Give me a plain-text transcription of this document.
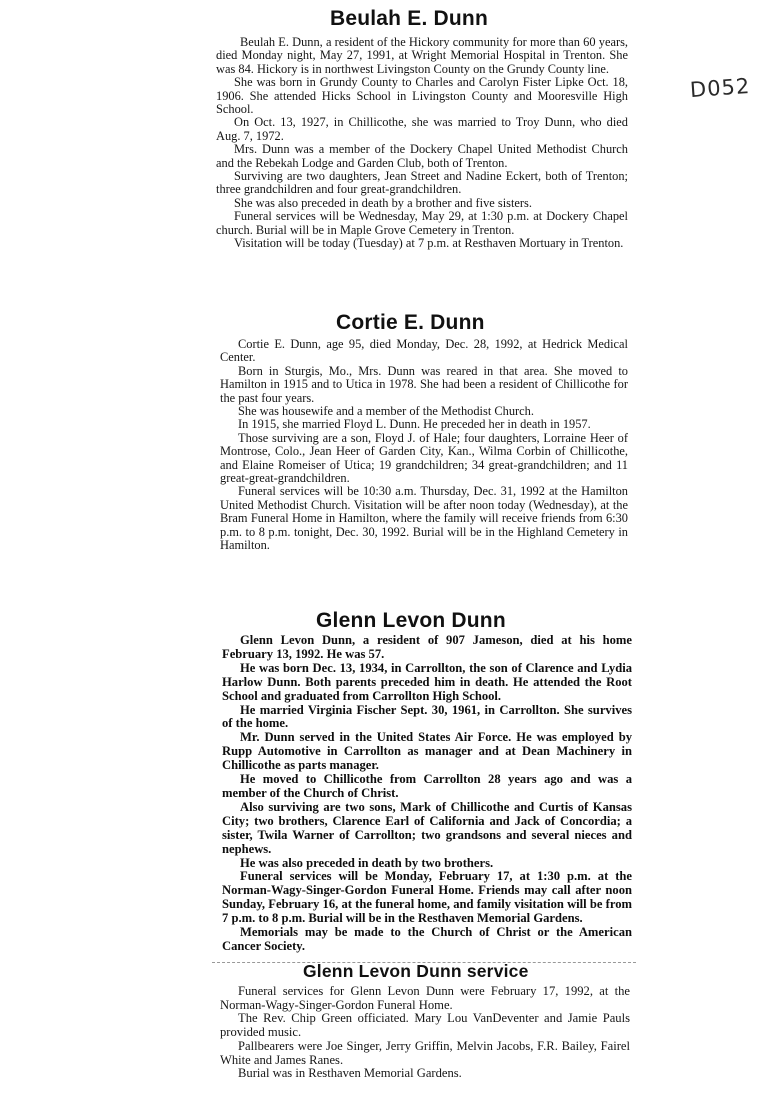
D052
Beulah E. Dunn

Beulah E. Dunn, a resident of the Hickory community for more than 60 years, died Monday night, May 27, 1991, at Wright Memorial Hospital in Trenton. She was 84. Hickory is in northwest Livingston County on the Grundy County line.

She was born in Grundy County to Charles and Carolyn Fister Lipke Oct. 18, 1906. She attended Hicks School in Livingston County and Mooresville High School.

On Oct. 13, 1927, in Chillicothe, she was married to Troy Dunn, who died Aug. 7, 1972.

Mrs. Dunn was a member of the Dockery Chapel United Methodist Church and the Rebekah Lodge and Garden Club, both of Trenton.

Surviving are two daughters, Jean Street and Nadine Eckert, both of Trenton; three grandchildren and four great-grandchildren.

She was also preceded in death by a brother and five sisters.

Funeral services will be Wednesday, May 29, at 1:30 p.m. at Dockery Chapel church. Burial will be in Maple Grove Cemetery in Trenton.

Visitation will be today (Tuesday) at 7 p.m. at Resthaven Mortuary in Trenton.

Cortie E. Dunn

Cortie E. Dunn, age 95, died Monday, Dec. 28, 1992, at Hedrick Medical Center.

Born in Sturgis, Mo., Mrs. Dunn was reared in that area. She moved to Hamilton in 1915 and to Utica in 1978. She had been a resident of Chillicothe for the past four years.

She was housewife and a member of the Methodist Church.

In 1915, she married Floyd L. Dunn. He preceded her in death in 1957.

Those surviving are a son, Floyd J. of Hale; four daughters, Lorraine Heer of Montrose, Colo., Jean Heer of Garden City, Kan., Wilma Corbin of Chillicothe, and Elaine Romeiser of Utica; 19 grandchildren; 34 great-grandchildren; and 11 great-great-grandchildren.

Funeral services will be 10:30 a.m. Thursday, Dec. 31, 1992 at the Hamilton United Methodist Church. Visitation will be after noon today (Wednesday), at the Bram Funeral Home in Hamilton, where the family will receive friends from 6:30 p.m. to 8 p.m. tonight, Dec. 30, 1992. Burial will be in the Highland Cemetery in Hamilton.

Glenn Levon Dunn

Glenn Levon Dunn, a resident of 907 Jameson, died at his home February 13, 1992. He was 57.

He was born Dec. 13, 1934, in Carrollton, the son of Clarence and Lydia Harlow Dunn. Both parents preceded him in death. He attended the Root School and graduated from Carrollton High School.

He married Virginia Fischer Sept. 30, 1961, in Carrollton. She survives of the home.

Mr. Dunn served in the United States Air Force. He was employed by Rupp Automotive in Carrollton as manager and at Dean Machinery in Chillicothe as parts manager.

He moved to Chillicothe from Carrollton 28 years ago and was a member of the Church of Christ.

Also surviving are two sons, Mark of Chillicothe and Curtis of Kansas City; two brothers, Clarence Earl of California and Jack of Concordia; a sister, Twila Warner of Carrollton; two grandsons and several nieces and nephews.

He was also preceded in death by two brothers.

Funeral services will be Monday, February 17, at 1:30 p.m. at the Norman-Wagy-Singer-Gordon Funeral Home. Friends may call after noon Sunday, February 16, at the funeral home, and family visitation will be from 7 p.m. to 8 p.m. Burial will be in the Resthaven Memorial Gardens.

Memorials may be made to the Church of Christ or the American Cancer Society.

Glenn Levon Dunn service

Funeral services for Glenn Levon Dunn were February 17, 1992, at the Norman-Wagy-Singer-Gordon Funeral Home.

The Rev. Chip Green officiated. Mary Lou VanDeventer and Jamie Pauls provided music.

Pallbearers were Joe Singer, Jerry Griffin, Melvin Jacobs, F.R. Bailey, Fairel White and James Ranes.

Burial was in Resthaven Memorial Gardens.
